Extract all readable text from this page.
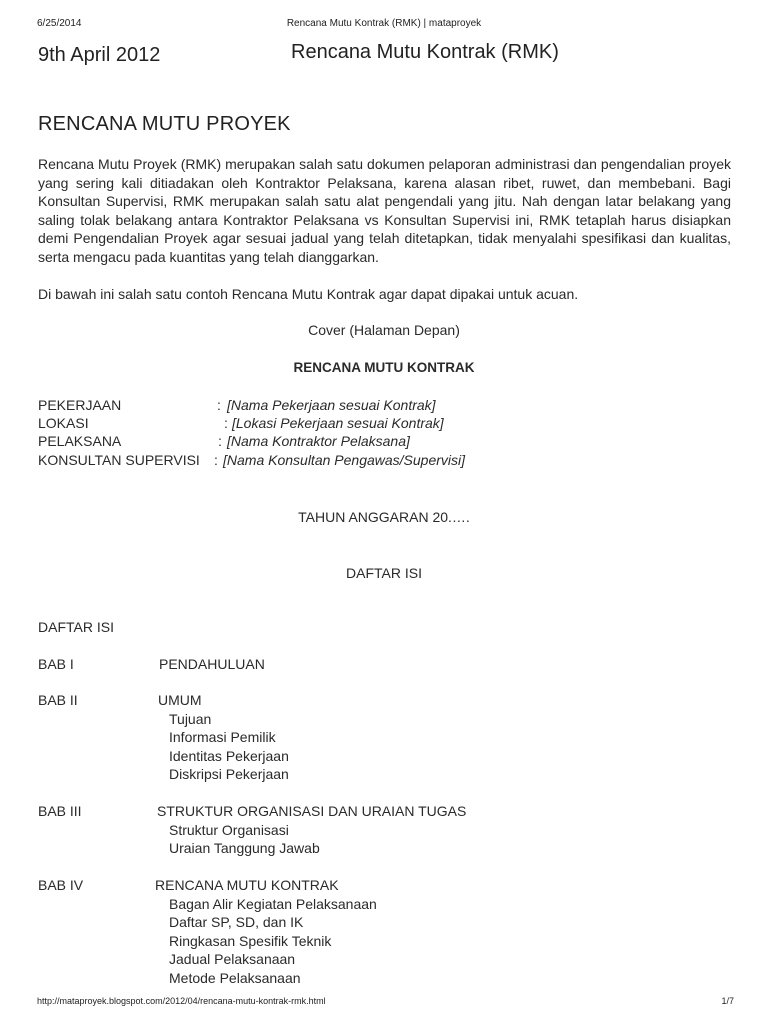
6/25/2014	Rencana Mutu Kontrak (RMK) | mataproyek
9th April 2012	Rencana Mutu Kontrak (RMK)
RENCANA MUTU PROYEK
Rencana Mutu Proyek (RMK) merupakan salah satu dokumen pelaporan administrasi dan pengendalian proyek yang sering kali ditiadakan oleh Kontraktor Pelaksana, karena alasan ribet, ruwet, dan membebani. Bagi Konsultan Supervisi, RMK merupakan salah satu alat pengendali yang jitu. Nah dengan latar belakang yang saling tolak belakang antara Kontraktor Pelaksana vs Konsultan Supervisi ini, RMK tetaplah harus disiapkan demi Pengendalian Proyek agar sesuai jadual yang telah ditetapkan, tidak menyalahi spesifikasi dan kualitas, serta mengacu pada kuantitas yang telah dianggarkan.
Di bawah ini salah satu contoh Rencana Mutu Kontrak agar dapat dipakai untuk acuan.
Cover (Halaman Depan)
RENCANA MUTU KONTRAK
PEKERJAAN	: [Nama Pekerjaan sesuai Kontrak]
LOKASI	: [Lokasi Pekerjaan sesuai Kontrak]
PELAKSANA	: [Nama Kontraktor Pelaksana]
KONSULTAN SUPERVISI : [Nama Konsultan Pengawas/Supervisi]
TAHUN ANGGARAN 20.….
DAFTAR ISI
DAFTAR ISI
BAB I	PENDAHULUAN
BAB II	UMUM
Tujuan
Informasi Pemilik
Identitas Pekerjaan
Diskripsi Pekerjaan
BAB III	STRUKTUR ORGANISASI DAN URAIAN TUGAS
Struktur Organisasi
Uraian Tanggung Jawab
BAB IV	RENCANA MUTU KONTRAK
Bagan Alir Kegiatan Pelaksanaan
Daftar SP, SD, dan IK
Ringkasan Spesifik Teknik
Jadual Pelaksanaan
Metode Pelaksanaan
http://mataproyek.blogspot.com/2012/04/rencana-mutu-kontrak-rmk.html	1/7
